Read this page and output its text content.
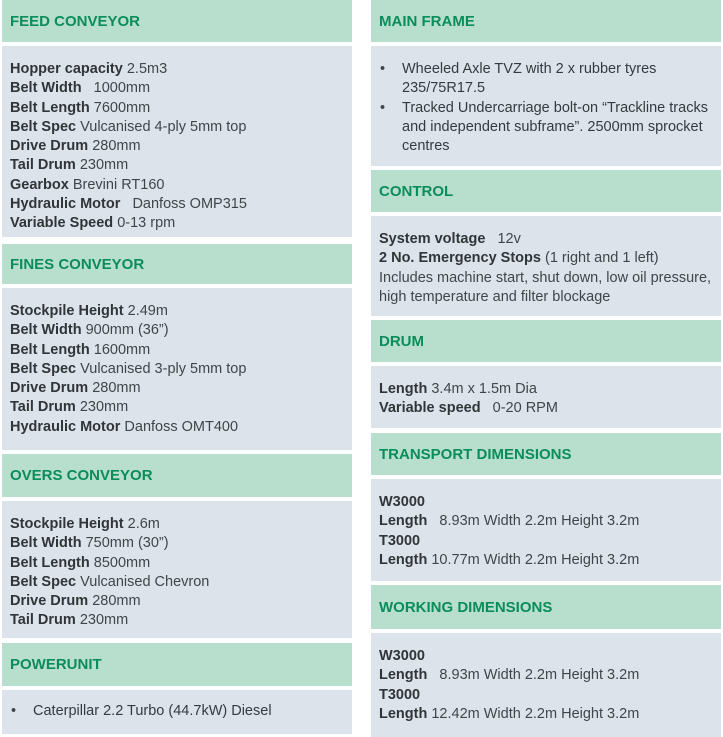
FEED CONVEYOR
Hopper capacity 2.5m3
Belt Width   1000mm
Belt Length 7600mm
Belt Spec Vulcanised 4-ply 5mm top
Drive Drum 280mm
Tail Drum 230mm
Gearbox Brevini RT160
Hydraulic Motor   Danfoss OMP315
Variable Speed 0-13 rpm
FINES CONVEYOR
Stockpile Height 2.49m
Belt Width 900mm (36”)
Belt Length 1600mm
Belt Spec Vulcanised 3-ply 5mm top
Drive Drum 280mm
Tail Drum 230mm
Hydraulic Motor Danfoss OMT400
OVERS CONVEYOR
Stockpile Height 2.6m
Belt Width 750mm (30”)
Belt Length 8500mm
Belt Spec Vulcanised Chevron
Drive Drum 280mm
Tail Drum 230mm
POWERUNIT
• Caterpillar 2.2 Turbo (44.7kW) Diesel
MAIN FRAME
• Wheeled Axle TVZ with 2 x rubber tyres 235/75R17.5
• Tracked Undercarriage bolt-on “Trackline tracks and independent subframe”. 2500mm sprocket centres
CONTROL
System voltage   12v
2 No. Emergency Stops (1 right and 1 left)
Includes machine start, shut down, low oil pressure, high temperature and filter blockage
DRUM
Length 3.4m x 1.5m Dia
Variable speed   0-20 RPM
TRANSPORT DIMENSIONS
W3000
Length   8.93m Width 2.2m Height 3.2m
T3000
Length 10.77m Width 2.2m Height 3.2m
WORKING DIMENSIONS
W3000
Length   8.93m Width 2.2m Height 3.2m
T3000
Length 12.42m Width 2.2m Height 3.2m
